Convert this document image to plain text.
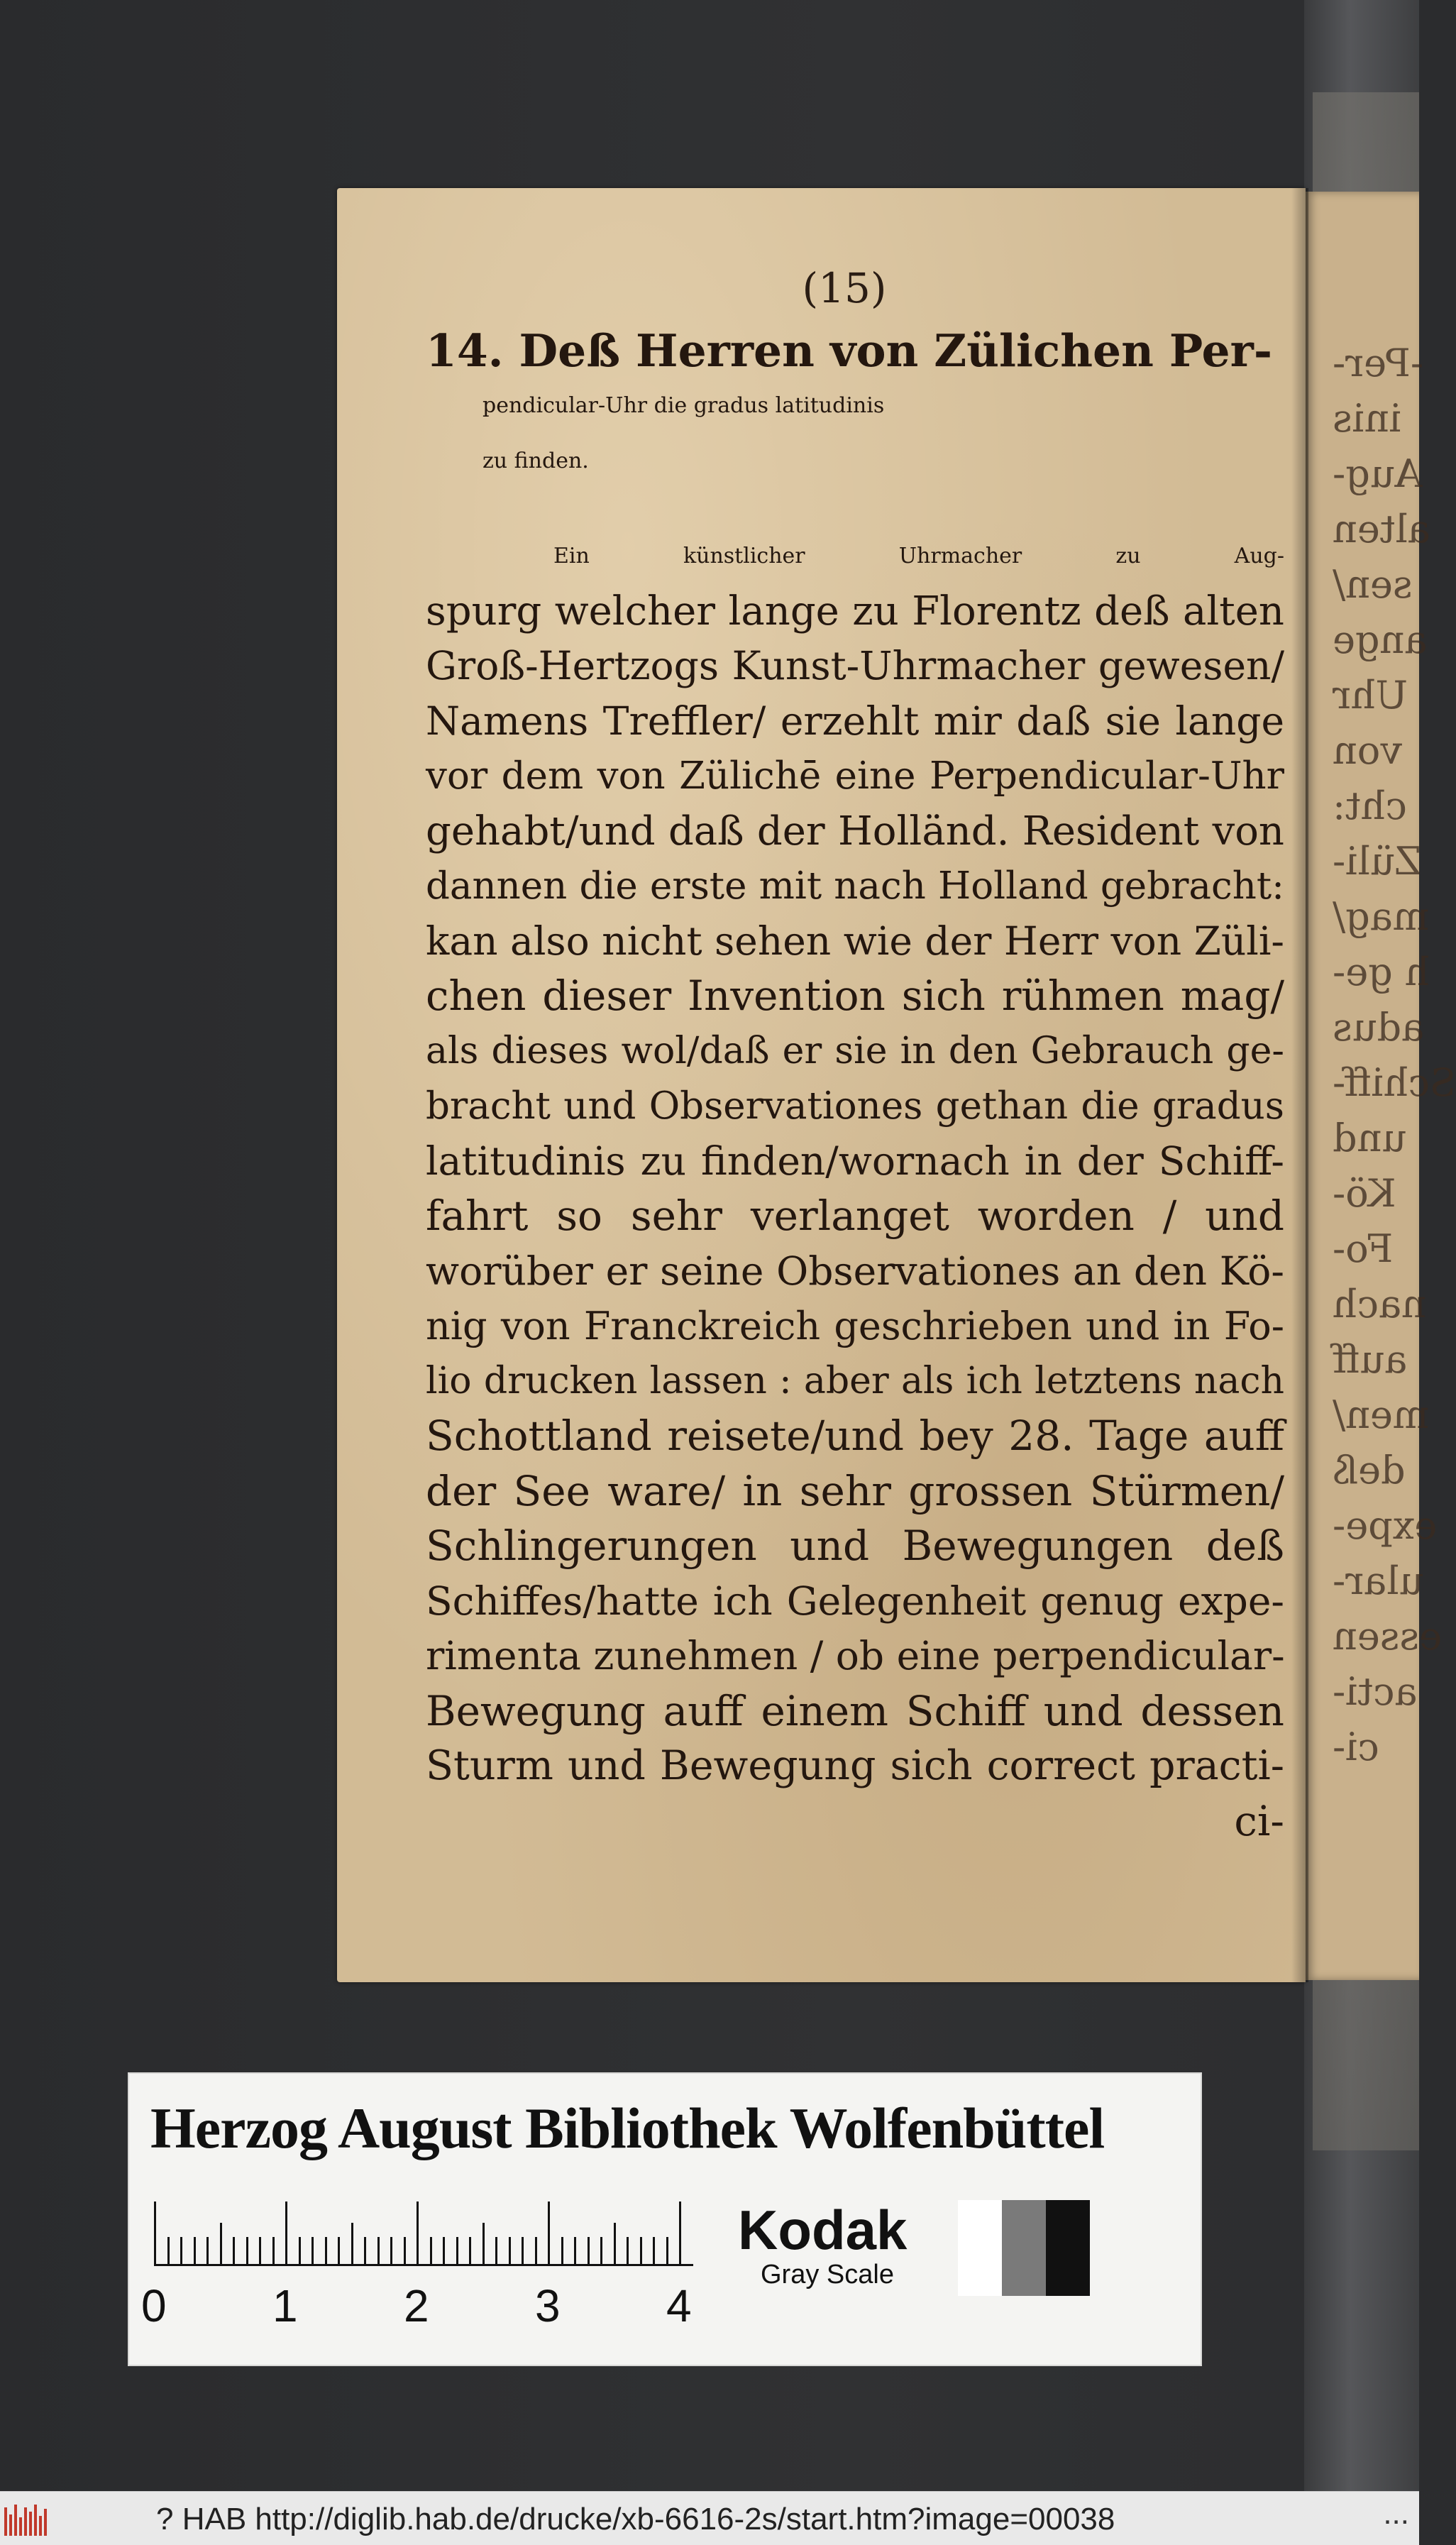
-Per-
inis
Aug-
alten
sen/
ange
Uhr
von
cht:
Züli-
mag/
h ge-
adus
Schiff-
und
Kö-
Fo-
nach
auff
men/
deß
expe-
ular-
essen
acti-
ci-
(15)
14. Deß Herren von Zülichen Per-
pendicular-Uhr die gradus latitudinis
zu finden.
Ein künstlicher Uhrmacher zu Aug-
spurg welcher lange zu Florentz deß alten
Groß-Hertzogs Kunst-Uhrmacher gewesen/
Namens Treffler/ erzehlt mir daß sie lange
vor dem von Zülichē eine Perpendicular-Uhr
gehabt/und daß der Holländ. Resident von
dannen die erste mit nach Holland gebracht:
kan also nicht sehen wie der Herr von Züli-
chen dieser Invention sich rühmen mag/
als dieses wol/daß er sie in den Gebrauch ge-
bracht und Observationes gethan die gradus
latitudinis zu finden/wornach in der Schiff-
fahrt so sehr verlanget worden / und
worüber er seine Observationes an den Kö-
nig von Franckreich geschrieben und in Fo-
lio drucken lassen : aber als ich letztens nach
Schottland reisete/und bey 28. Tage auff
der See ware/ in sehr grossen Stürmen/
Schlingerungen und Bewegungen deß
Schiffes/hatte ich Gelegenheit genug expe-
rimenta zunehmen / ob eine perpendicular-
Bewegung auff einem Schiff und dessen
Sturm und Bewegung sich correct practi-
ci-
Herzog August Bibliothek Wolfenbüttel
0 1 2 3 4
Kodak
Gray Scale
? HAB http://diglib.hab.de/drucke/xb-6616-2s/start.htm?image=00038	...
